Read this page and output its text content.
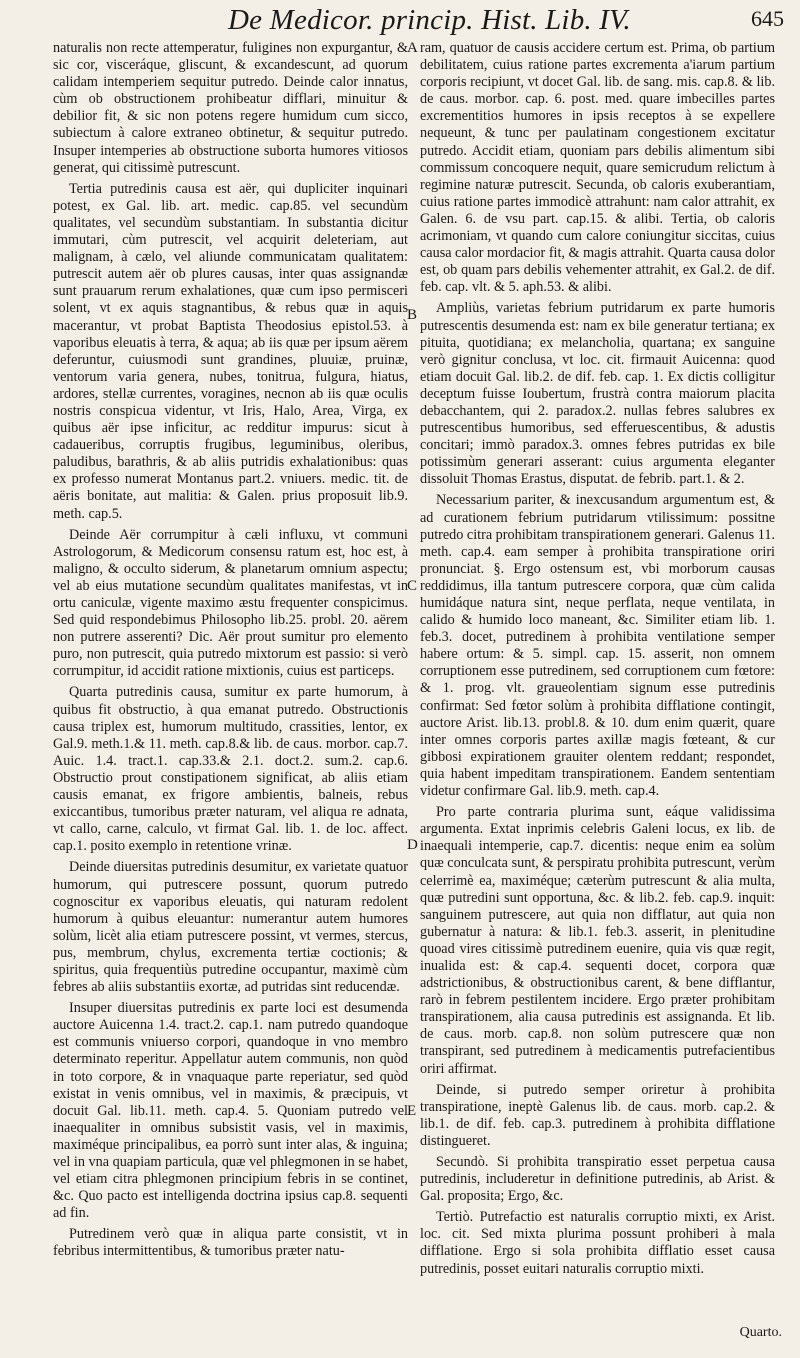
De Medicor. princip. Hist. Lib. IV.	645

naturalis non recte attemperatur, fuligines non expurgantur, & sic cor, visceráque, gliscunt, & excandescunt, ad quorum calidam intemperiem sequitur putredo. Deinde calor innatus, cùm ob obstructionem prohibeatur difflari, minuitur & debilior fit, & sic non potens regere humidum cum sicco, subiectum à calore extraneo obtinetur, & sequitur putredo. Insuper intemperies ab obstructione suborta humores vitiosos generat, qui citissimè putrescunt.

Tertia putredinis causa est aër, qui dupliciter inquinari potest, ex Gal. lib. art. medic. cap.85. vel secundùm qualitates, vel secundùm substantiam. In substantia dicitur immutari, cùm putrescit, vel acquirit deleteriam, aut malignam, à cælo, vel aliunde communicatam qualitatem: putrescit autem aër ob plures causas, inter quas assignandæ sunt prauarum rerum exhalationes, quæ cum ipso permisceri solent, vt ex aquis stagnantibus, & rebus quæ in aquis macerantur, vt probat Baptista Theodosius epistol.53. à vaporibus eleuatis à terra, & aqua; ab iis quæ per ipsum aërem deferuntur, cuiusmodi sunt grandines, pluuiæ, pruinæ, ventorum varia genera, nubes, tonitrua, fulgura, hiatus, ardores, stellæ currentes, voragines, necnon ab iis quæ oculis nostris conspicua videntur, vt Iris, Halo, Area, Virga, ex quibus aër ipse inficitur, ac redditur impurus: sicut à cadaueribus, corruptis frugibus, leguminibus, oleribus, paludibus, barathris, & ab aliis putridis exhalationibus: quas ex professo numerat Montanus part.2. vniuers. medic. tit. de aëris bonitate, aut malitia: & Galen. prius proposuit lib.9. meth. cap.5.

Deinde Aër corrumpitur à cæli influxu, vt communi Astrologorum, & Medicorum consensu ratum est, hoc est, à maligno, & occulto siderum, & planetarum omnium aspectu; vel ab eius mutatione secundùm qualitates manifestas, vt in ortu caniculæ, vigente maximo æstu frequenter conspicimus. Sed quid respondebimus Philosopho lib.25. probl. 20. aërem non putrere asserenti? Dic. Aër prout sumitur pro elemento puro, non putrescit, quia putredo mixtorum est passio: si verò corrumpitur, id accidit ratione mixtionis, cuius est particeps.

Quarta putredinis causa, sumitur ex parte humorum, à quibus fit obstructio, à qua emanat putredo. Obstructionis causa triplex est, humorum multitudo, crassities, lentor, ex Gal.9. meth.1.& 11. meth. cap.8.& lib. de caus. morbor. cap.7. Auic. 1.4. tract.1. cap.33.& 2.1. doct.2. sum.2. cap.6. Obstructio prout constipationem significat, ab aliis etiam causis emanat, ex frigore ambientis, balneis, rebus exiccantibus, tumoribus præter naturam, vel aliqua re adnata, vt callo, carne, calculo, vt firmat Gal. lib. 1. de loc. affect. cap.1. posito exemplo in retentione vrinæ.

Deinde diuersitas putredinis desumitur, ex varietate quatuor humorum, qui putrescere possunt, quorum putredo cognoscitur ex vaporibus eleuatis, qui naturam redolent humorum à quibus eleuantur: numerantur autem humores solùm, licèt alia etiam putrescere possint, vt vermes, stercus, pus, membrum, chylus, excrementa tertiæ coctionis; & spiritus, quia frequentiùs putredine occupantur, maximè cùm febres ab aliis substantiis exortæ, ad putridas sint reducendæ.

Insuper diuersitas putredinis ex parte loci est desumenda auctore Auicenna 1.4. tract.2. cap.1. nam putredo quandoque est communis vniuerso corpori, quandoque in vno membro determinato reperitur. Appellatur autem communis, non quòd in toto corpore, & in vnaquaque parte reperiatur, sed quòd existat in venis omnibus, vel in maximis, & præcipuis, vt docuit Gal. lib.11. meth. cap.4. 5. Quoniam putredo vel inaequaliter in omnibus subsistit vasis, vel in maximis, maximéque principalibus, ea porrò sunt inter alas, & inguina; vel in vna quapiam particula, quæ vel phlegmonen in se habet, vel etiam citra phlegmonen principium febris in se continet, &c. Quo pacto est intelligenda doctrina ipsius cap.8. sequenti ad fin.

Putredinem verò quæ in aliqua parte consistit, vt in febribus intermittentibus, & tumoribus præter natu-

A
B
C
D
E

ram, quatuor de causis accidere certum est. Prima, ob partium debilitatem, cuius ratione partes excrementa a'iarum partium corporis recipiunt, vt docet Gal. lib. de sang. mis. cap.8. & lib. de caus. morbor. cap. 6. post. med. quare imbecilles partes excrementitios humores in ipsis receptos à se expellere nequeunt, & tunc per paulatinam congestionem excitatur putredo. Accidit etiam, quoniam pars debilis alimentum sibi commissum concoquere nequit, quare semicrudum relictum à regimine naturæ putrescit. Secunda, ob caloris exuberantiam, cuius ratione partes immodicè attrahunt: nam calor attrahit, ex Galen. 6. de vsu part. cap.15. & alibi. Tertia, ob caloris acrimoniam, vt quando cum calore coniungitur siccitas, cuius causa calor mordacior fit, & magis attrahit. Quarta causa dolor est, ob quam pars debilis vehementer attrahit, ex Gal.2. de dif. feb. cap. vlt. & 5. aph.53. & alibi.

Ampliùs, varietas febrium putridarum ex parte humoris putrescentis desumenda est: nam ex bile generatur tertiana; ex pituita, quotidiana; ex melancholia, quartana; ex sanguine verò gignitur conclusa, vt loc. cit. firmauit Auicenna: quod etiam docuit Gal. lib.2. de dif. feb. cap. 1. Ex dictis colligitur deceptum fuisse Ioubertum, frustrà contra maiorum placita debacchantem, qui 2. paradox.2. nullas febres salubres ex putrescentibus humoribus, sed efferuescentibus, & adustis concitari; immò paradox.3. omnes febres putridas ex bile potissimùm generari asserant: cuius argumenta eleganter dissoluit Thomas Erastus, disputat. de febrib. part.1. & 2.

Necessarium pariter, & inexcusandum argumentum est, & ad curationem febrium putridarum vtilissimum: possitne putredo citra prohibitam transpirationem generari. Galenus 11. meth. cap.4. eam semper à prohibita transpiratione oriri pronunciat. §. Ergo ostensum est, vbi morborum causas reddidimus, illa tantum putrescere corpora, quæ cùm calida humidáque natura sint, neque perflata, neque ventilata, in calido & humido loco maneant, &c. Similiter etiam lib. 1. feb.3. docet, putredinem à prohibita ventilatione semper habere ortum: & 5. simpl. cap. 15. asserit, non omnem corruptionem esse putredinem, sed corruptionem cum fœtore: & 1. prog. vlt. graueolentiam signum esse putredinis confirmat: Sed fœtor solùm à prohibita difflatione contingit, auctore Arist. lib.13. probl.8. & 10. dum enim quærit, quare inter omnes corporis partes axillæ magis fœteant, & cur gibbosi expirationem grauiter olentem reddant; respondet, quia habent impeditam transpirationem. Eandem sententiam videtur confirmare Gal. lib.9. meth. cap.4.

Pro parte contraria plurima sunt, eáque validissima argumenta. Extat inprimis celebris Galeni locus, ex lib. de inaequali intemperie, cap.7. dicentis: neque enim ea solùm quæ conculcata sunt, & perspiratu prohibita putrescunt, verùm celerrimè ea, maximéque; cæterùm putrescunt & alia multa, quæ putredini sunt opportuna, &c. & lib.2. feb. cap.9. inquit: sanguinem putrescere, aut quia non difflatur, aut quia non gubernatur à natura: & lib.1. feb.3. asserit, in plenitudine quoad vires citissimè putredinem euenire, quia vis quæ regit, inualida est: & cap.4. sequenti docet, corpora quæ adstrictionibus, & obstructionibus carent, & bene difflantur, rarò in febrem pestilentem incidere. Ergo præter prohibitam transpirationem, alia causa putredinis est assignanda. Et lib. de caus. morb. cap.8. non solùm putrescere quæ non transpirant, sed putredinem à medicamentis putrefacientibus oriri affirmat.

Deinde, si putredo semper oriretur à prohibita transpiratione, ineptè Galenus lib. de caus. morb. cap.2. & lib.1. de dif. feb. cap.3. putredinem à prohibita difflatione distingueret.

Secundò. Si prohibita transpiratio esset perpetua causa putredinis, includeretur in definitione putredinis, ab Arist. & Gal. proposita; Ergo, &c.

Tertiò. Putrefactio est naturalis corruptio mixti, ex Arist. loc. cit. Sed mixta plurima possunt prohiberi à mala difflatione. Ergo si sola prohibita difflatio esset causa putredinis, posset euitari naturalis corruptio mixti.

Quarto.
